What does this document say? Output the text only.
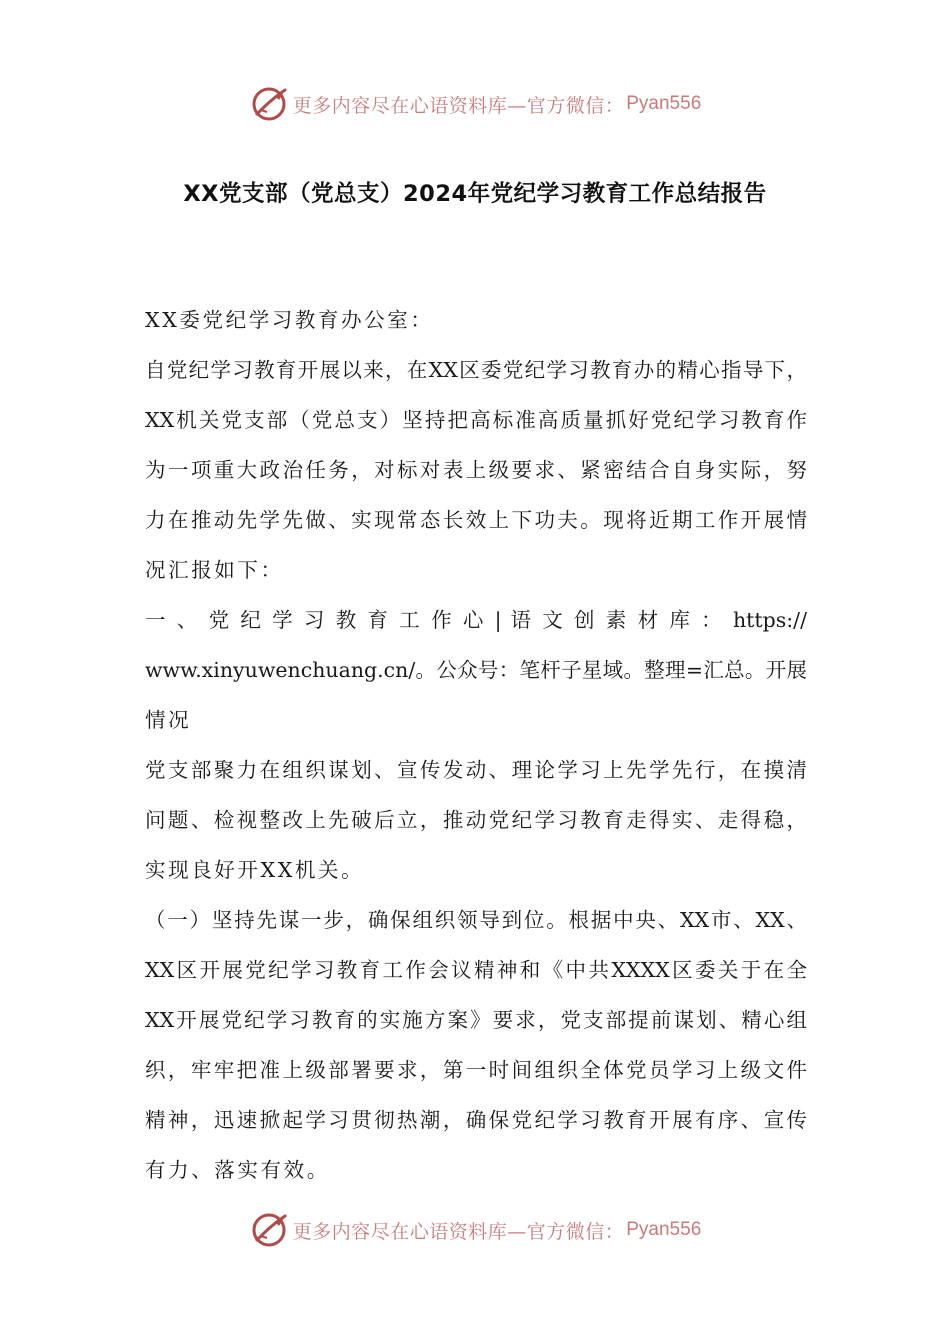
更多内容尽在心语资料库—官方微信： Pyan556
XX党支部（党总支）2024年党纪学习教育工作总结报告
XX委党纪学习教育办公室：
自党纪学习教育开展以来，在XX区委党纪学习教育办的精心指导下，
XX机关党支部（党总支）坚持把高标准高质量抓好党纪学习教育作
为一项重大政治任务，对标对表上级要求、紧密结合自身实际，努
力在推动先学先做、实现常态长效上下功夫。现将近期工作开展情
况汇报如下：
一 、 党 纪 学 习 教 育 工 作 心 | 语 文 创 素 材 库 ： https://
www.xinyuwenchuang.cn/。公众号：笔杆子星域。整理=汇总。开展
情况
党支部聚力在组织谋划、宣传发动、理论学习上先学先行，在摸清
问题、检视整改上先破后立，推动党纪学习教育走得实、走得稳，
实现良好开XX机关。
（一）坚持先谋一步，确保组织领导到位。根据中央、XX市、XX、
XX区开展党纪学习教育工作会议精神和《中共XXXX区委关于在全
XX开展党纪学习教育的实施方案》要求，党支部提前谋划、精心组
织，牢牢把准上级部署要求，第一时间组织全体党员学习上级文件
精神，迅速掀起学习贯彻热潮，确保党纪学习教育开展有序、宣传
有力、落实有效。
更多内容尽在心语资料库—官方微信： Pyan556
